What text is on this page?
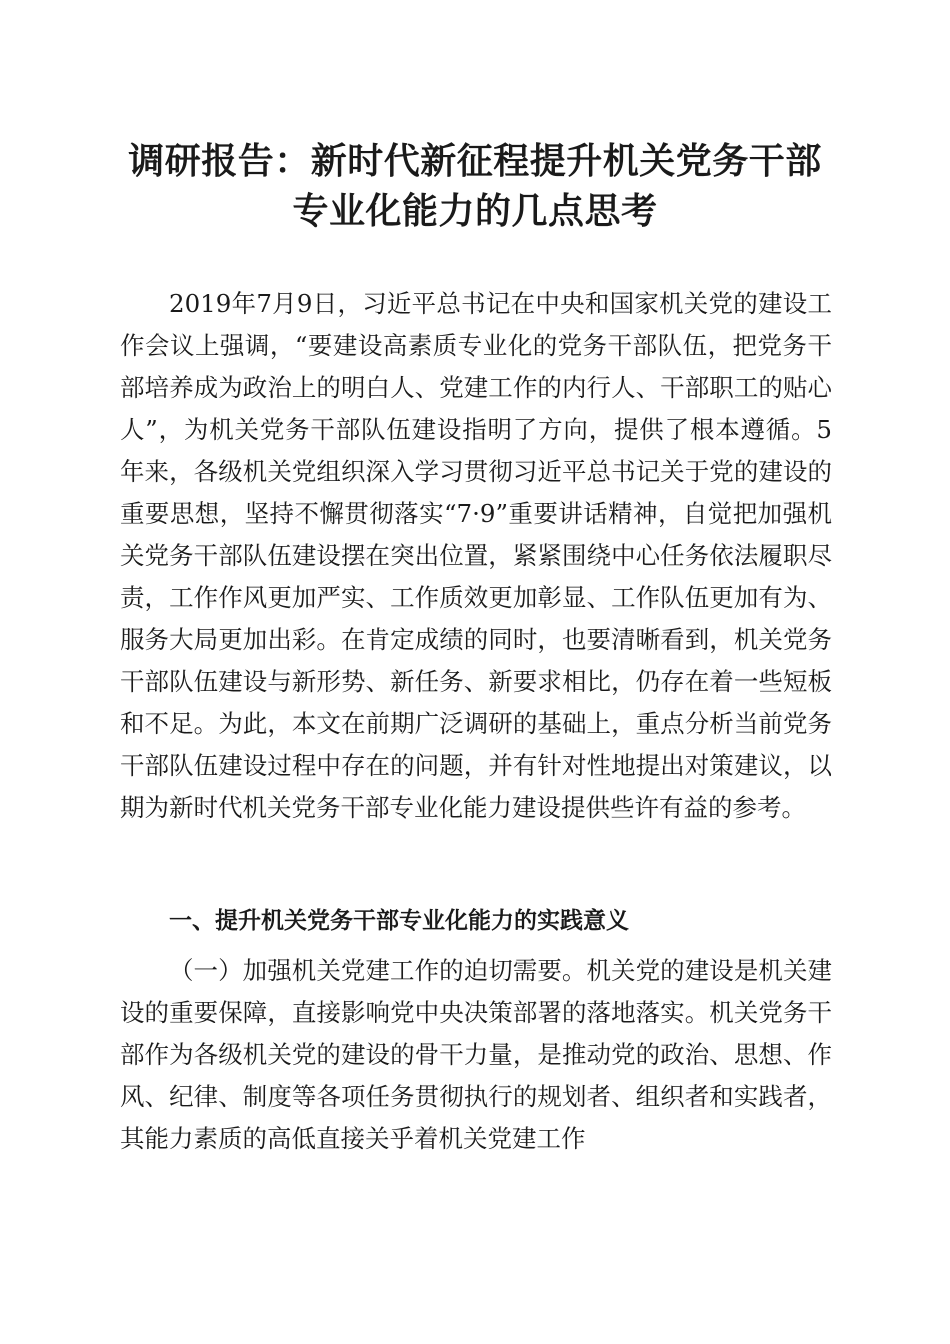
调研报告：新时代新征程提升机关党务干部专业化能力的几点思考

2019年7月9日，习近平总书记在中央和国家机关党的建设工作会议上强调，“要建设高素质专业化的党务干部队伍，把党务干部培养成为政治上的明白人、党建工作的内行人、干部职工的贴心人”，为机关党务干部队伍建设指明了方向，提供了根本遵循。5年来，各级机关党组织深入学习贯彻习近平总书记关于党的建设的重要思想，坚持不懈贯彻落实“7·9”重要讲话精神，自觉把加强机关党务干部队伍建设摆在突出位置，紧紧围绕中心任务依法履职尽责，工作作风更加严实、工作质效更加彰显、工作队伍更加有为、服务大局更加出彩。在肯定成绩的同时，也要清晰看到，机关党务干部队伍建设与新形势、新任务、新要求相比，仍存在着一些短板和不足。为此，本文在前期广泛调研的基础上，重点分析当前党务干部队伍建设过程中存在的问题，并有针对性地提出对策建议，以期为新时代机关党务干部专业化能力建设提供些许有益的参考。

一、提升机关党务干部专业化能力的实践意义

（一）加强机关党建工作的迫切需要。机关党的建设是机关建设的重要保障，直接影响党中央决策部署的落地落实。机关党务干部作为各级机关党的建设的骨干力量，是推动党的政治、思想、作风、纪律、制度等各项任务贯彻执行的规划者、组织者和实践者，其能力素质的高低直接关乎着机关党建工作
